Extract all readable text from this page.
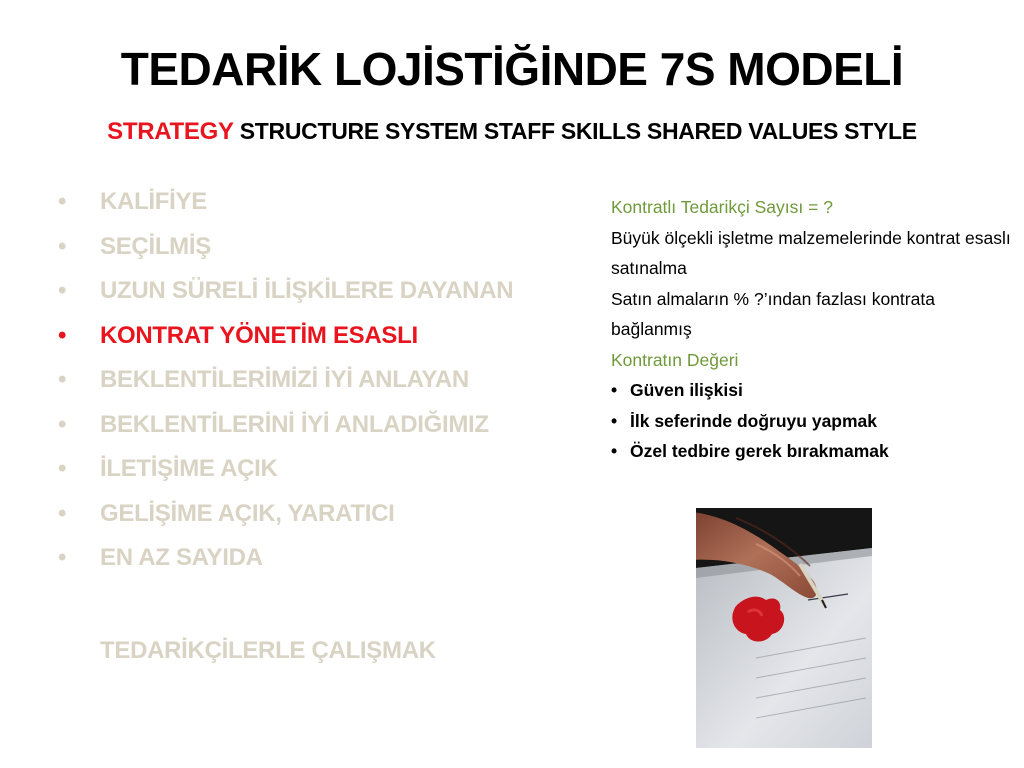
TEDARİK LOJİSTİĞİNDE 7S MODELİ
STRATEGY STRUCTURE SYSTEM STAFF SKILLS SHARED VALUES STYLE
• KALİFİYE
• SEÇİLMİŞ
• UZUN SÜRELİ İLİŞKİLERE DAYANAN
• KONTRAT YÖNETİM ESASLI
• BEKLENTİLERİMİZİ İYİ ANLAYAN
• BEKLENTİLERİNİ İYİ ANLADIĞIMIZ
• İLETİŞİME AÇIK
• GELİŞİME AÇIK, YARATICI
• EN AZ SAYIDA
TEDARİKÇİLERLE ÇALIŞMAK
Kontratlı Tedarikçi Sayısı = ?
Büyük ölçekli işletme malzemelerinde kontrat esaslı satınalma
Satın almaların % ?’ından fazlası kontrata bağlanmış
Kontratın Değeri
• Güven ilişkisi
• İlk seferinde doğruyu yapmak
• Özel tedbire gerek bırakmamak
